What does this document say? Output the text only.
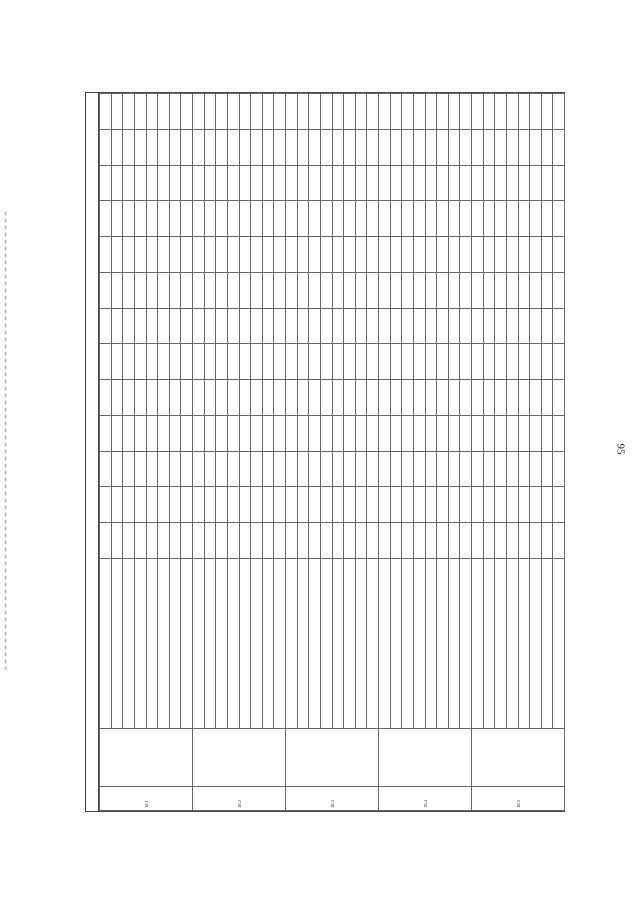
95
10.1															

10.2															

10.3															

10.4															

10.5															
